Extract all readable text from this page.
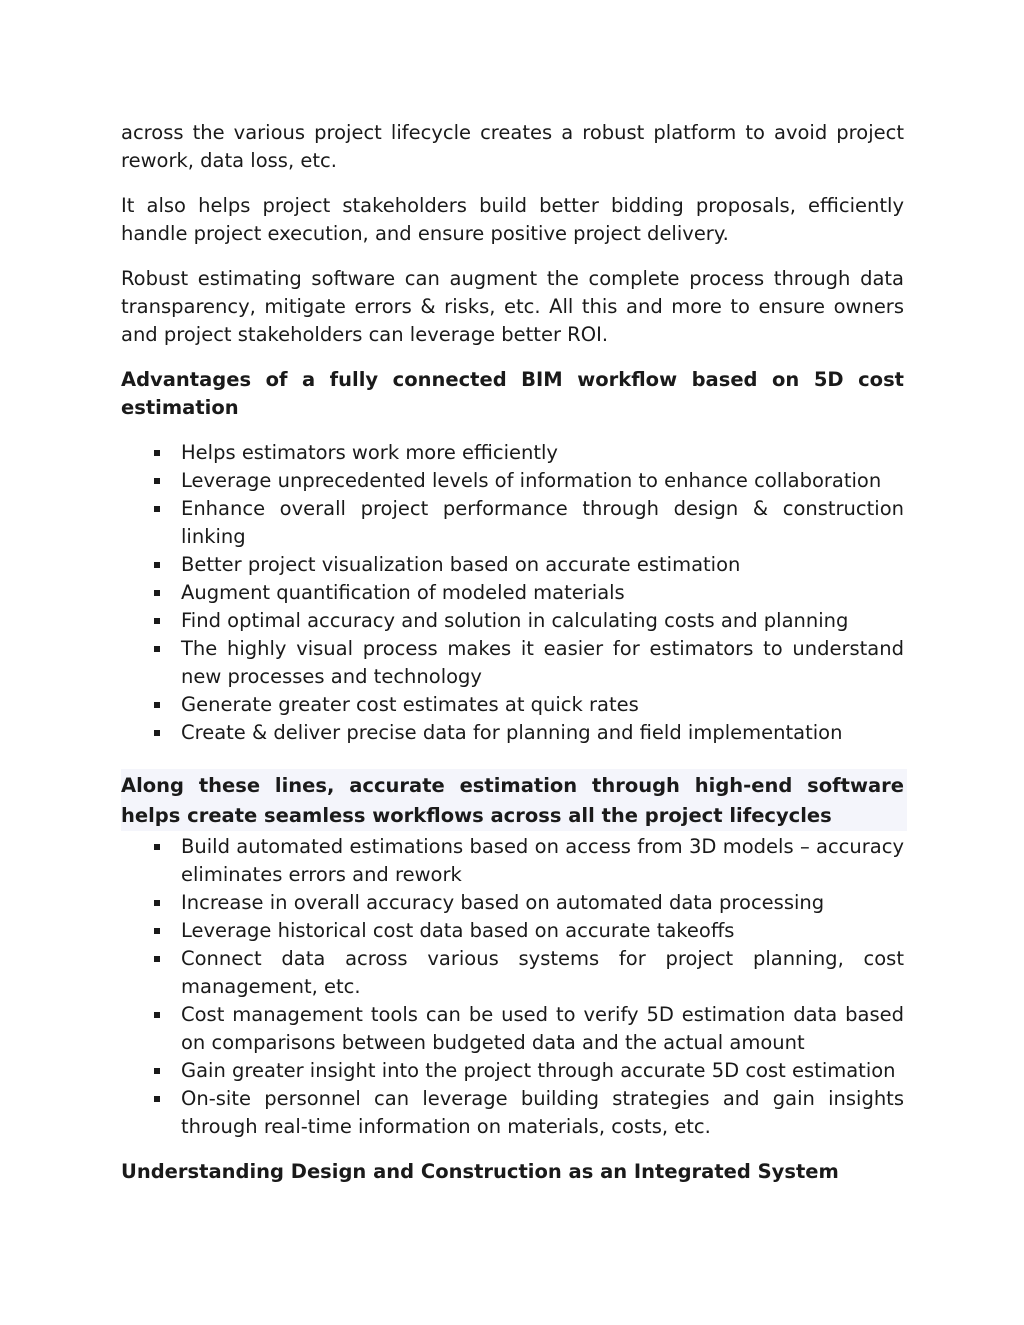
across the various project lifecycle creates a robust platform to avoid project rework, data loss, etc.

It also helps project stakeholders build better bidding proposals, efficiently handle project execution, and ensure positive project delivery.

Robust estimating software can augment the complete process through data transparency, mitigate errors & risks, etc. All this and more to ensure owners and project stakeholders can leverage better ROI.

Advantages of a fully connected BIM workflow based on 5D cost estimation
Helps estimators work more efficiently
Leverage unprecedented levels of information to enhance collaboration
Enhance overall project performance through design & construction linking
Better project visualization based on accurate estimation
Augment quantification of modeled materials
Find optimal accuracy and solution in calculating costs and planning
The highly visual process makes it easier for estimators to understand new processes and technology
Generate greater cost estimates at quick rates
Create & deliver precise data for planning and field implementation
Along these lines, accurate estimation through high-end software helps create seamless workflows across all the project lifecycles
Build automated estimations based on access from 3D models – accuracy eliminates errors and rework
Increase in overall accuracy based on automated data processing
Leverage historical cost data based on accurate takeoffs
Connect data across various systems for project planning, cost management, etc.
Cost management tools can be used to verify 5D estimation data based on comparisons between budgeted data and the actual amount
Gain greater insight into the project through accurate 5D cost estimation
On-site personnel can leverage building strategies and gain insights through real-time information on materials, costs, etc.
Understanding Design and Construction as an Integrated System
